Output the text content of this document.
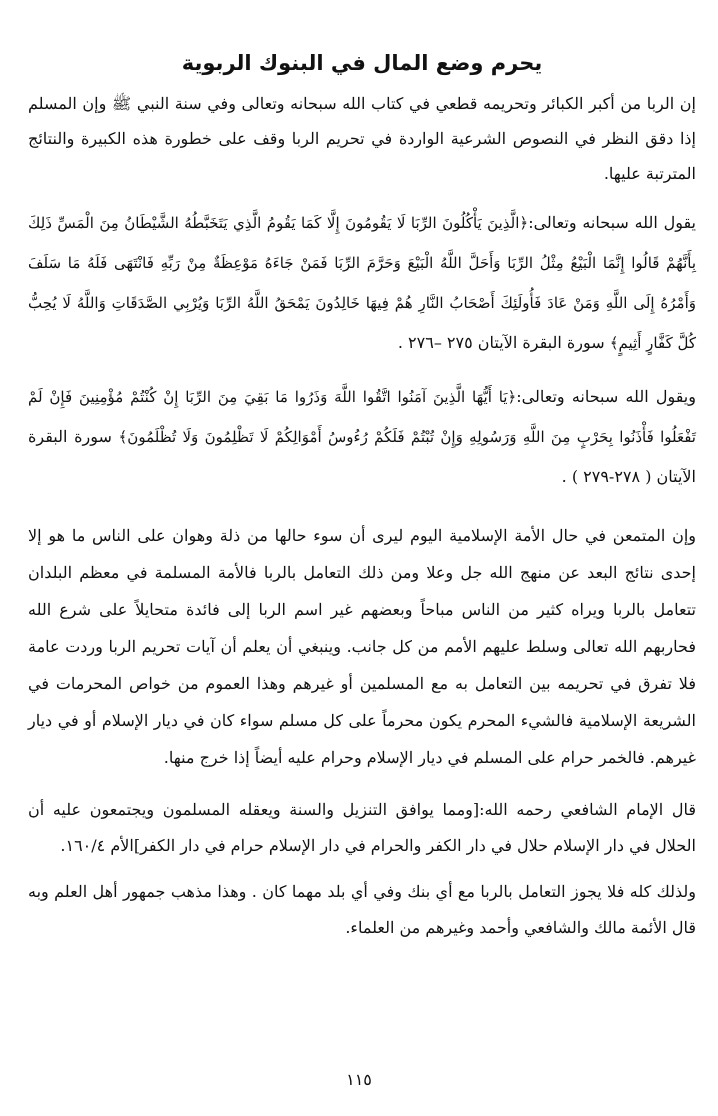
يحرم وضع المال في البنوك الربوية

إن الربا من أكبر الكبائر وتحريمه قطعي في كتاب الله سبحانه وتعالى وفي سنة النبي ﷺ وإن المسلم إذا دقق النظر في النصوص الشرعية الواردة في تحريم الربا وقف على خطورة هذه الكبيرة والنتائج المترتبة عليها.

يقول الله سبحانه وتعالى:﴿الَّذِينَ يَأْكُلُونَ الرِّبَا لَا يَقُومُونَ إِلَّا كَمَا يَقُومُ الَّذِي يَتَخَبَّطُهُ الشَّيْطَانُ مِنَ الْمَسِّ ذَلِكَ بِأَنَّهُمْ قَالُوا إِنَّمَا الْبَيْعُ مِثْلُ الرِّبَا وَأَحَلَّ اللَّهُ الْبَيْعَ وَحَرَّمَ الرِّبَا فَمَنْ جَاءَهُ مَوْعِظَةٌ مِنْ رَبِّهِ فَانْتَهَى فَلَهُ مَا سَلَفَ وَأَمْرُهُ إِلَى اللَّهِ وَمَنْ عَادَ فَأُولَئِكَ أَصْحَابُ النَّارِ هُمْ فِيهَا خَالِدُونَ يَمْحَقُ اللَّهُ الرِّبَا وَيُرْبِي الصَّدَقَاتِ وَاللَّهُ لَا يُحِبُّ كُلَّ كَفَّارٍ أَثِيمٍ﴾ سورة البقرة الآيتان ٢٧٥ –٢٧٦ .

ويقول الله سبحانه وتعالى:﴿يَا أَيُّهَا الَّذِينَ آمَنُوا اتَّقُوا اللَّهَ وَذَرُوا مَا بَقِيَ مِنَ الرِّبَا إِنْ كُنْتُمْ مُؤْمِنِينَ فَإِنْ لَمْ تَفْعَلُوا فَأْذَنُوا بِحَرْبٍ مِنَ اللَّهِ وَرَسُولِهِ وَإِنْ تُبْتُمْ فَلَكُمْ رُءُوسُ أَمْوَالِكُمْ لَا تَظْلِمُونَ وَلَا تُظْلَمُونَ﴾ سورة البقرة الآيتان ( ٢٧٨-٢٧٩ ) .

وإن المتمعن في حال الأمة الإسلامية اليوم ليرى أن سوء حالها من ذلة وهوان على الناس ما هو إلا إحدى نتائج البعد عن منهج الله جل وعلا ومن ذلك التعامل بالربا فالأمة المسلمة في معظم البلدان تتعامل بالربا ويراه كثير من الناس مباحاً وبعضهم غير اسم الربا إلى فائدة متحايلاً على شرع الله فحاربهم الله تعالى وسلط عليهم الأمم من كل جانب. وينبغي أن يعلم أن آيات تحريم الربا وردت عامة فلا تفرق في تحريمه بين التعامل به مع المسلمين أو غيرهم وهذا العموم من خواص المحرمات في الشريعة الإسلامية فالشيء المحرم يكون محرماً على كل مسلم سواء كان في ديار الإسلام أو في ديار غيرهم. فالخمر حرام على المسلم في ديار الإسلام وحرام عليه أيضاً إذا خرج منها.

قال الإمام الشافعي رحمه الله:[ومما يوافق التنزيل والسنة ويعقله المسلمون ويجتمعون عليه أن الحلال في دار الإسلام حلال في دار الكفر والحرام في دار الإسلام حرام في دار الكفر]الأم ١٦٠/٤.

ولذلك كله فلا يجوز التعامل بالربا مع أي بنك وفي أي بلد مهما كان . وهذا مذهب جمهور أهل العلم وبه قال الأئمة مالك والشافعي وأحمد وغيرهم من العلماء.

١١٥
